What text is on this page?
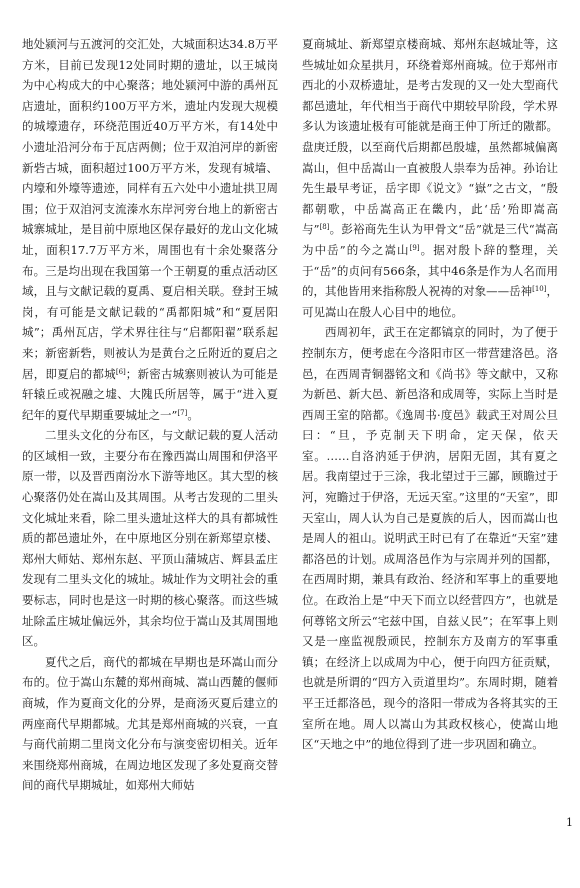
地处颍河与五渡河的交汇处，大城面积达34.8万平方米，目前已发现12处同时期的遗址，以王城岗为中心构成大的中心聚落；地处颍河中游的禹州瓦店遗址，面积约100万平方米，遗址内发现大规模的城壕遗存，环绕范围近40万平方米，有14处中小遗址沿河分布于瓦店两侧；位于双洎河岸的新密新砦古城，面积超过100万平方米，发现有城墙、内壕和外壕等遗迹，同样有五六处中小遗址拱卫周围；位于双洎河支流溱水东岸河旁台地上的新密古城寨城址，是目前中原地区保存最好的龙山文化城址，面积17.7万平方米，周围也有十余处聚落分布。三是均出现在我国第一个王朝夏的重点活动区域，且与文献记载的夏禹、夏启相关联。登封王城岗，有可能是文献记载的“禹都阳城”和“夏居阳城”；禹州瓦店，学术界往往与“启都阳翟”联系起来；新密新砦，则被认为是黄台之丘附近的夏启之居，即夏启的都城[6]；新密古城寨则被认为可能是轩辕丘或祝融之墟、大隗氏所居等，属于“进入夏纪年的夏代早期重要城址之一”[7]。

二里头文化的分布区，与文献记载的夏人活动的区域相一致，主要分布在豫西嵩山周围和伊洛平原一带，以及晋西南汾水下游等地区。其大型的核心聚落仍处在嵩山及其周围。从考古发现的二里头文化城址来看，除二里头遗址这样大的具有都城性质的都邑遗址外，在中原地区分别在新郑望京楼、郑州大师姑、郑州东赵、平顶山蒲城店、辉县孟庄发现有二里头文化的城址。城址作为文明社会的重要标志，同时也是这一时期的核心聚落。而这些城址除孟庄城址偏远外，其余均位于嵩山及其周围地区。

夏代之后，商代的都城在早期也是环嵩山而分布的。位于嵩山东麓的郑州商城、嵩山西麓的偃师商城，作为夏商文化的分界，是商汤灭夏后建立的两座商代早期都城。尤其是郑州商城的兴衰，一直与商代前期二里岗文化分布与演变密切相关。近年来围绕郑州商城，在周边地区发现了多处夏商交替间的商代早期城址，如郑州大师姑

夏商城址、新郑望京楼商城、郑州东赵城址等，这些城址如众星拱月，环绕着郑州商城。位于郑州市西北的小双桥遗址，是考古发现的又一处大型商代都邑遗址，年代相当于商代中期较早阶段，学术界多认为该遗址极有可能就是商王仲丁所迁的隞都。盘庚迁殷，以至商代后期都邑殷墟，虽然都城偏离嵩山，但中岳嵩山一直被殷人祟奉为岳神。孙诒让先生最早考证，岳字即《说文》“嶽”之古文，“殷都朝歌，中岳嵩高正在畿内，此‘岳’殆即嵩高与”[8]。彭裕商先生认为甲骨文“岳”就是三代“嵩高为中岳”的今之嵩山[9]。据对殷卜辞的整理，关于“岳”的贞问有566条，其中46条是作为人名而用的，其他皆用来指称殷人祝祷的对象——岳神[10]，可见嵩山在殷人心目中的地位。

西周初年，武王在定都镐京的同时，为了便于控制东方，便考虑在今洛阳市区一带营建洛邑。洛邑，在西周青铜器铭文和《尚书》等文献中，又称为新邑、新大邑、新邑洛和成周等，实际上当时是西周王室的陪都。《逸周书·度邑》载武王对周公旦曰：“旦，予克制天下明命，定天保，依天室。……自洛汭延于伊汭，居阳无固，其有夏之居。我南望过于三涂，我北望过于三鄙，顾瞻过于河，宛瞻过于伊洛，无远天室。”这里的“天室”，即天室山，周人认为自己是夏族的后人，因而嵩山也是周人的祖山。说明武王时已有了在靠近“天室”建都洛邑的计划。成周洛邑作为与宗周并列的国都，在西周时期，兼具有政治、经济和军事上的重要地位。在政治上是“中天下而立以经营四方”，也就是何尊铭文所云“宅兹中国，自兹乂民”；在军事上则又是一座监视殷顽民，控制东方及南方的军事重镇；在经济上以成周为中心，便于向四方征贡赋，也就是所谓的“四方入贡道里均”。东周时期，随着平王迁都洛邑，现今的洛阳一带成为各将其实的王室所在地。周人以嵩山为其政权核心，使嵩山地区“天地之中”的地位得到了进一步巩固和确立。

1
